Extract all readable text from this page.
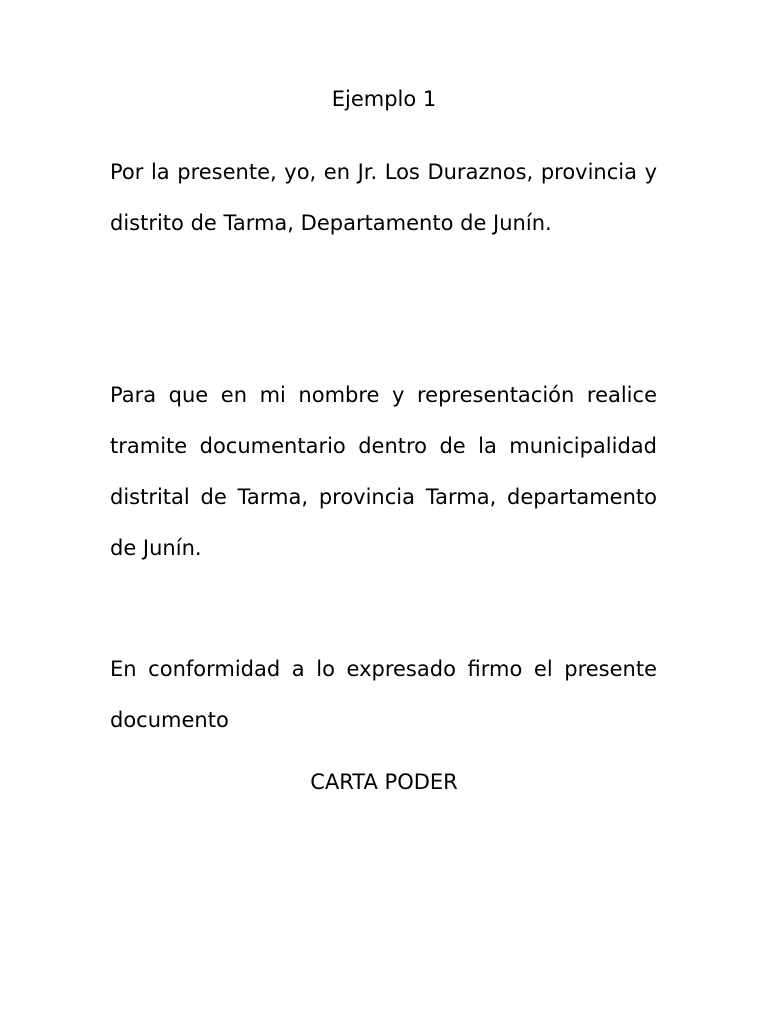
Ejemplo 1

Por la presente, yo, en Jr. Los Duraznos, provincia y distrito de Tarma, Departamento de Junín.

Para que en mi nombre y representación realice tramite documentario dentro de la municipalidad distrital de Tarma, provincia Tarma, departamento de Junín.

En conformidad a lo expresado firmo el presente documento

CARTA PODER
